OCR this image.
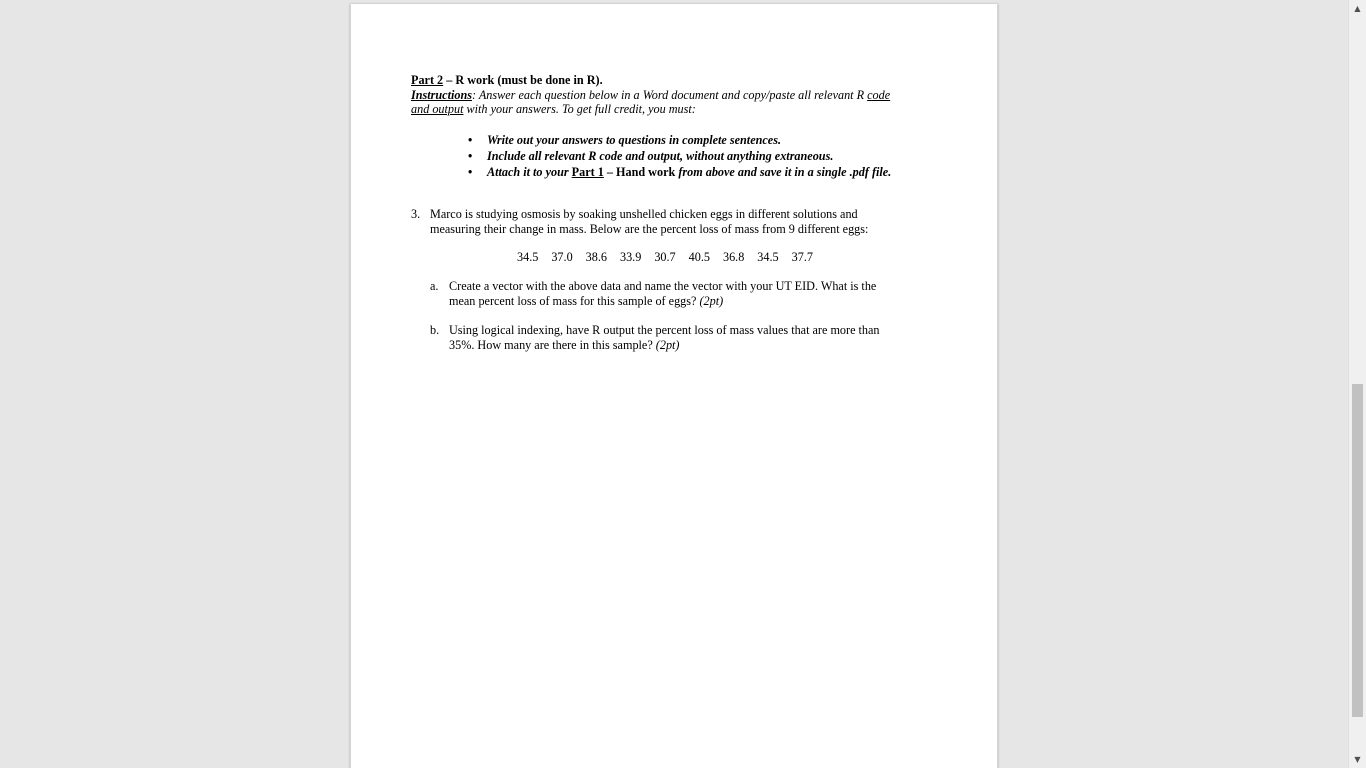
Part 2 – R work (must be done in R).
Instructions: Answer each question below in a Word document and copy/paste all relevant R code
and output with your answers. To get full credit, you must:
• Write out your answers to questions in complete sentences.
• Include all relevant R code and output, without anything extraneous.
• Attach it to your Part 1 – Hand work from above and save it in a single .pdf file.
3. Marco is studying osmosis by soaking unshelled chicken eggs in different solutions and
measuring their change in mass. Below are the percent loss of mass from 9 different eggs:
34.5 37.0 38.6 33.9 30.7 40.5 36.8 34.5 37.7
a. Create a vector with the above data and name the vector with your UT EID. What is the
mean percent loss of mass for this sample of eggs? (2pt)
b. Using logical indexing, have R output the percent loss of mass values that are more than
35%. How many are there in this sample? (2pt)
▲
▼
